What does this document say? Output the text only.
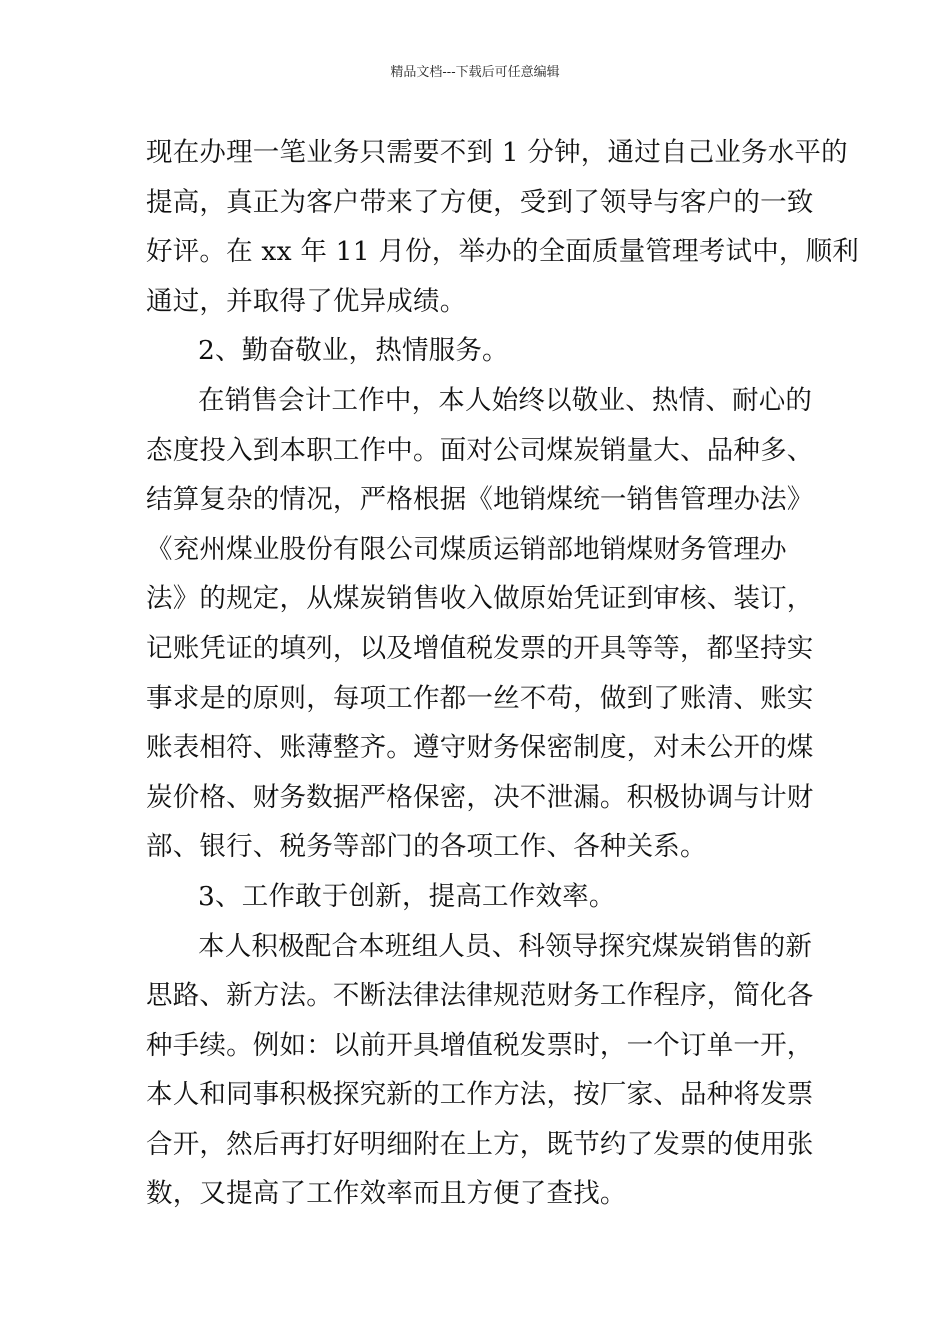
精品文档---下载后可任意编辑
现在办理一笔业务只需要不到 1 分钟，通过自己业务水平的
提高，真正为客户带来了方便，受到了领导与客户的一致
好评。在 xx 年 11 月份，举办的全面质量管理考试中，顺利
通过，并取得了优异成绩。
2、勤奋敬业，热情服务。
在销售会计工作中，本人始终以敬业、热情、耐心的
态度投入到本职工作中。面对公司煤炭销量大、品种多、
结算复杂的情况，严格根据《地销煤统一销售管理办法》
《兖州煤业股份有限公司煤质运销部地销煤财务管理办
法》的规定，从煤炭销售收入做原始凭证到审核、装订，
记账凭证的填列，以及增值税发票的开具等等，都坚持实
事求是的原则，每项工作都一丝不苟，做到了账清、账实
账表相符、账薄整齐。遵守财务保密制度，对未公开的煤
炭价格、财务数据严格保密，决不泄漏。积极协调与计财
部、银行、税务等部门的各项工作、各种关系。
3、工作敢于创新，提高工作效率。
本人积极配合本班组人员、科领导探究煤炭销售的新
思路、新方法。不断法律法律规范财务工作程序，简化各
种手续。例如：以前开具增值税发票时，一个订单一开，
本人和同事积极探究新的工作方法，按厂家、品种将发票
合开，然后再打好明细附在上方，既节约了发票的使用张
数，又提高了工作效率而且方便了查找。
